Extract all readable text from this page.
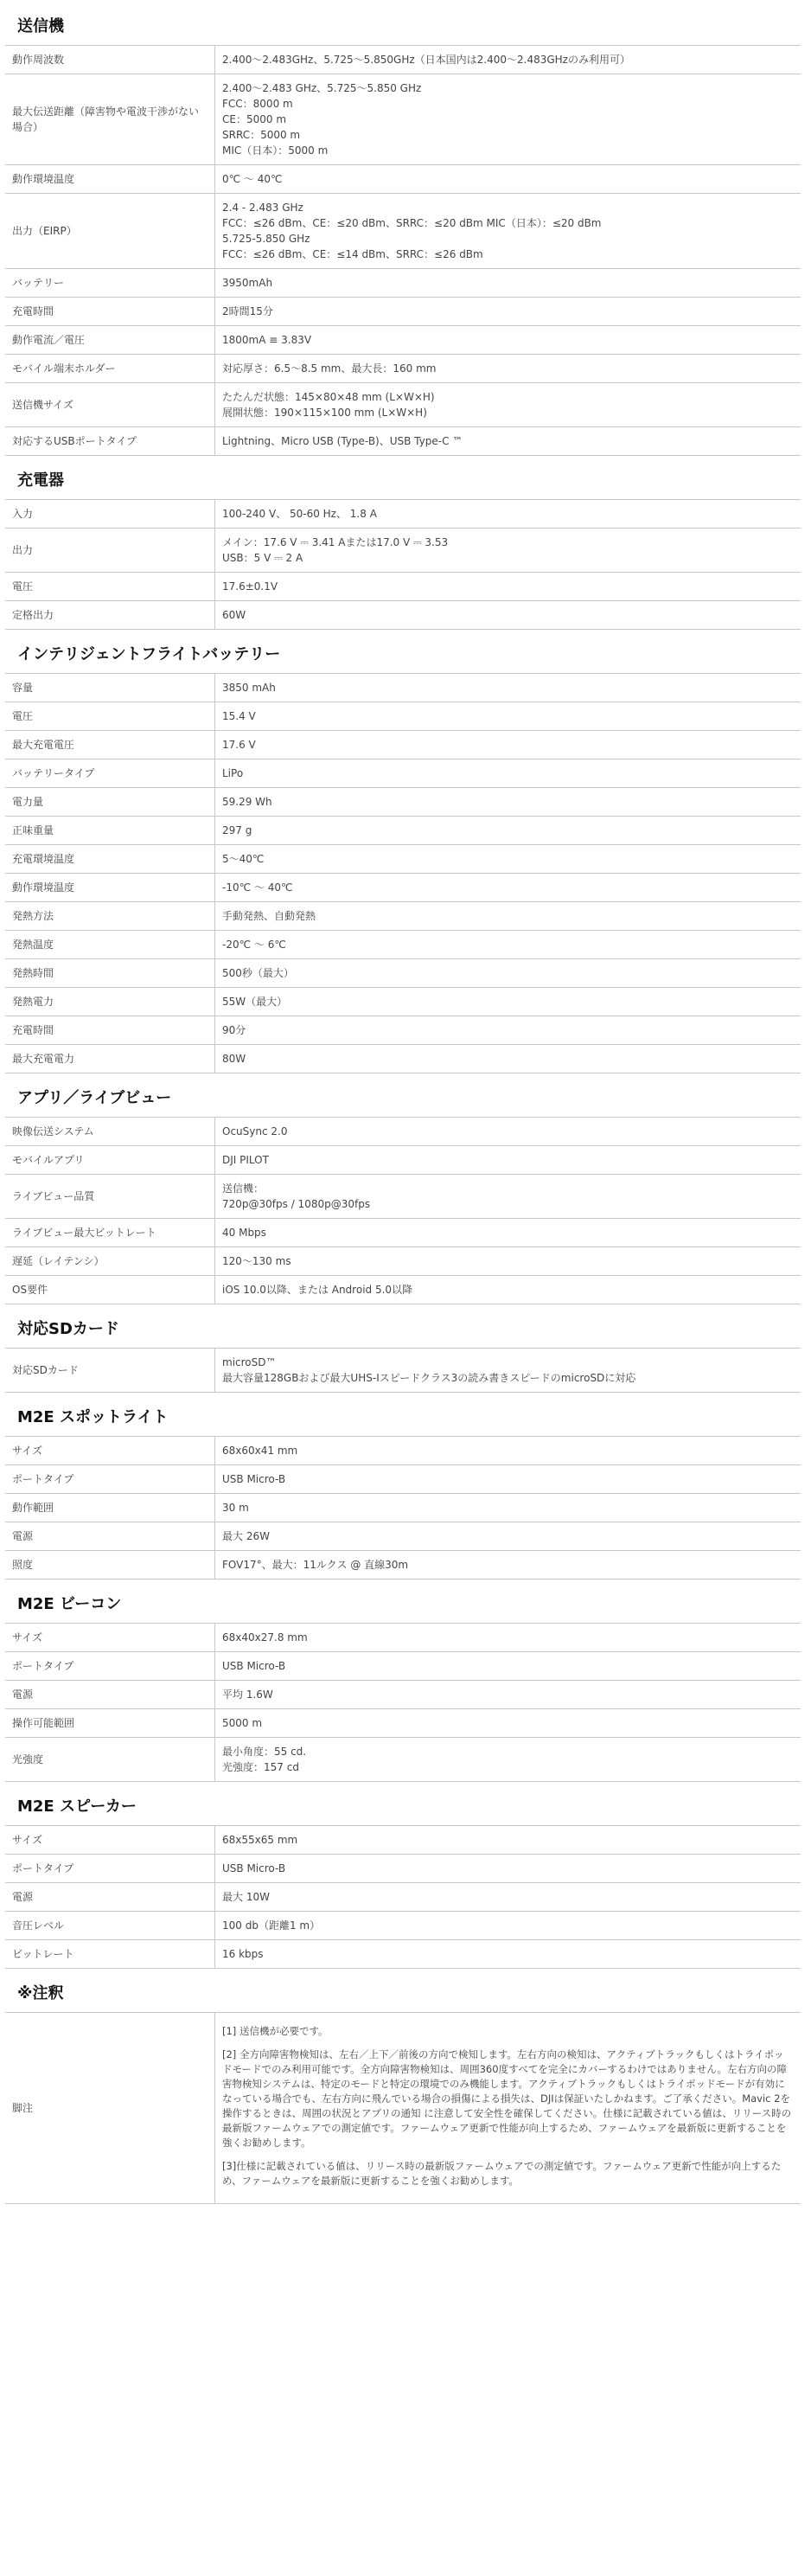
送信機
動作周波数	2.400～2.483GHz、5.725～5.850GHz（日本国内は2.400～2.483GHzのみ利用可）
最大伝送距離（障害物や電波干渉がない場合）	2.400～2.483 GHz、5.725～5.850 GHz
FCC：8000 m
CE：5000 m
SRRC：5000 m
MIC（日本）：5000 m
動作環境温度	0℃ ～ 40℃
出力（EIRP）	2.4 - 2.483 GHz
FCC：≤26 dBm、CE：≤20 dBm、SRRC：≤20 dBm MIC（日本）：≤20 dBm
5.725-5.850 GHz
FCC：≤26 dBm、CE：≤14 dBm、SRRC：≤26 dBm
バッテリー	3950mAh
充電時間	2時間15分
動作電流／電圧	1800mA ≡ 3.83V
モバイル端末ホルダー	対応厚さ：6.5～8.5 mm、最大長：160 mm
送信機サイズ	たたんだ状態：145×80×48 mm (L×W×H)
展開状態：190×115×100 mm (L×W×H)
対応するUSBポートタイプ	Lightning、Micro USB (Type-B)、USB Type-C ™
充電器
入力	100-240 V、 50-60 Hz、 1.8 A
出力	メイン：17.6 V ⎓ 3.41 Aまたは17.0 V ⎓ 3.53
USB：5 V ⎓ 2 A
電圧	17.6±0.1V
定格出力	60W
インテリジェントフライトバッテリー
容量	3850 mAh
電圧	15.4 V
最大充電電圧	17.6 V
バッテリータイプ	LiPo
電力量	59.29 Wh
正味重量	297 g
充電環境温度	5～40℃
動作環境温度	-10℃ ～ 40℃
発熱方法	手動発熱、自動発熱
発熱温度	-20℃ ～ 6℃
発熱時間	500秒（最大）
発熱電力	55W（最大）
充電時間	90分
最大充電電力	80W
アプリ／ライブビュー
映像伝送システム	OcuSync 2.0
モバイルアプリ	DJI PILOT
ライブビュー品質	送信機：
720p@30fps / 1080p@30fps
ライブビュー最大ビットレート	40 Mbps
遅延（レイテンシ）	120～130 ms
OS要件	iOS 10.0以降、または Android 5.0以降
対応SDカード
対応SDカード	microSD™
最大容量128GBおよび最大UHS-Iスピードクラス3の読み書きスピードのmicroSDに対応
M2E スポットライト
サイズ	68x60x41 mm
ポートタイプ	USB Micro-B
動作範囲	30 m
電源	最大 26W
照度	FOV17°、最大：11ルクス @ 直線30m
M2E ビーコン
サイズ	68x40x27.8 mm
ポートタイプ	USB Micro-B
電源	平均 1.6W
操作可能範囲	5000 m
光強度	最小角度：55 cd.
光強度：157 cd
M2E スピーカー
サイズ	68x55x65 mm
ポートタイプ	USB Micro-B
電源	最大 10W
音圧レベル	100 db（距離1 m）
ビットレート	16 kbps
※注釈
脚注	

[1] 送信機が必要です。

[2] 全方向障害物検知は、左右／上下／前後の方向で検知します。左右方向の検知は、アクティブトラックもしくはトライポッドモードでのみ利用可能です。全方向障害物検知は、周囲360度すべてを完全にカバーするわけではありません。左右方向の障害物検知システムは、特定のモードと特定の環境でのみ機能します。アクティブトラックもしくはトライポッドモードが有効になっている場合でも、左右方向に飛んでいる場合の損傷による損失は、DJIは保証いたしかねます。ご了承ください。Mavic 2を操作するときは、周囲の状況とアプリの通知 に注意して安全性を確保してください。仕様に記載されている値は、リリース時の最新版ファームウェアでの測定値です。ファームウェア更新で性能が向上するため、ファームウェアを最新版に更新することを強くお勧めします。

[3]仕様に記載されている値は、リリース時の最新版ファームウェアでの測定値です。ファームウェア更新で性能が向上するため、ファームウェアを最新版に更新することを強くお勧めします。
